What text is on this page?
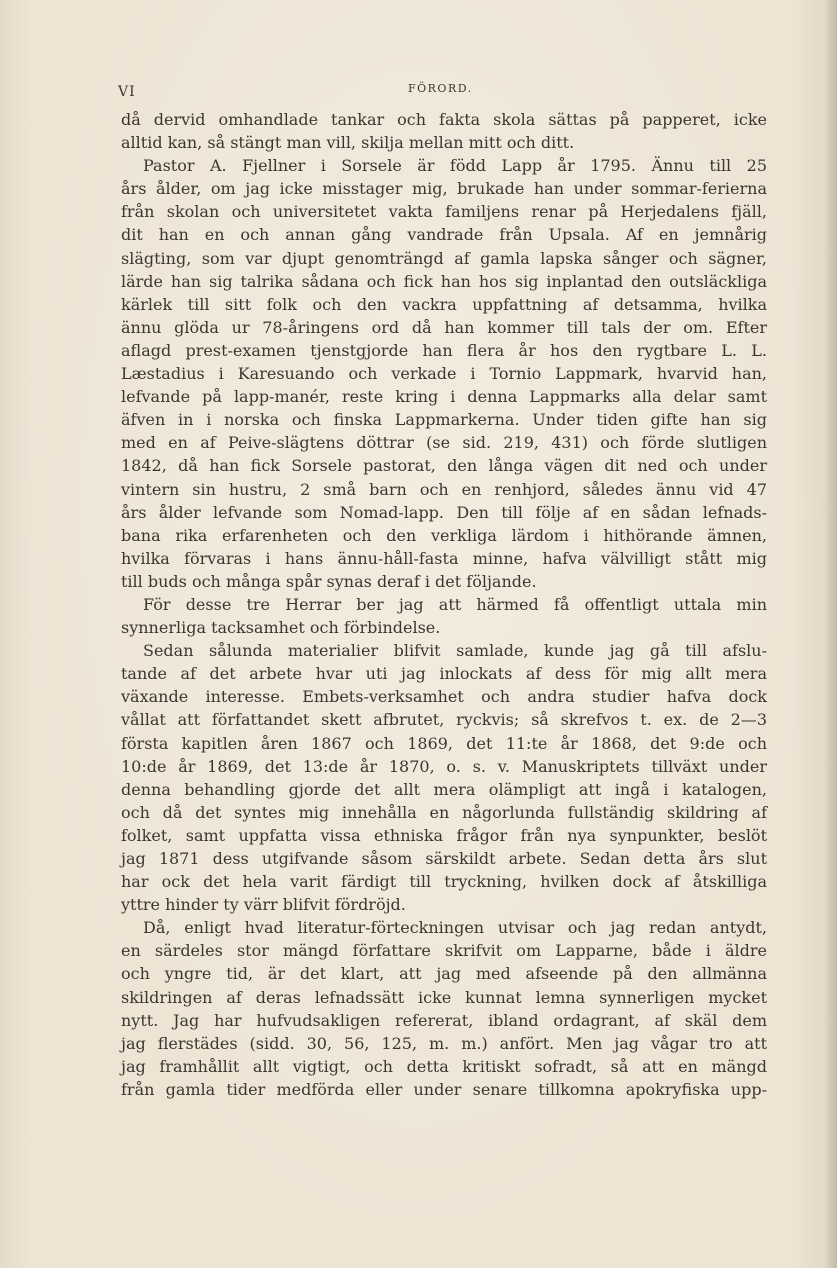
VI	FÖRORD.
då dervid omhandlade tankar och fakta skola sättas på papperet, icke
alltid kan, så stängt man vill, skilja mellan mitt och ditt.
Pastor A. Fjellner i Sorsele är född Lapp år 1795. Ännu till 25
års ålder, om jag icke misstager mig, brukade han under sommar-ferierna
från skolan och universitetet vakta familjens renar på Herjedalens fjäll,
dit han en och annan gång vandrade från Upsala. Af en jemnårig
slägting, som var djupt genomträngd af gamla lapska sånger och sägner,
lärde han sig talrika sådana och fick han hos sig inplantad den outsläckliga
kärlek till sitt folk och den vackra uppfattning af detsamma, hvilka
ännu glöda ur 78-åringens ord då han kommer till tals der om. Efter
aflagd prest-examen tjenstgjorde han flera år hos den rygtbare L. L.
Læstadius i Karesuando och verkade i Tornio Lappmark, hvarvid han,
lefvande på lapp-manér, reste kring i denna Lappmarks alla delar samt
äfven in i norska och finska Lappmarkerna. Under tiden gifte han sig
med en af Peive-slägtens döttrar (se sid. 219, 431) och förde slutligen
1842, då han fick Sorsele pastorat, den långa vägen dit ned och under
vintern sin hustru, 2 små barn och en renhjord, således ännu vid 47
års ålder lefvande som Nomad-lapp. Den till följe af en sådan lefnads-
bana rika erfarenheten och den verkliga lärdom i hithörande ämnen,
hvilka förvaras i hans ännu-håll-fasta minne, hafva välvilligt stått mig
till buds och många spår synas deraf i det följande.
För desse tre Herrar ber jag att härmed få offentligt uttala min
synnerliga tacksamhet och förbindelse.
Sedan sålunda materialier blifvit samlade, kunde jag gå till afslu-
tande af det arbete hvar uti jag inlockats af dess för mig allt mera
växande interesse. Embets-verksamhet och andra studier hafva dock
vållat att författandet skett afbrutet, ryckvis; så skrefvos t. ex. de 2—3
första kapitlen åren 1867 och 1869, det 11:te år 1868, det 9:de och
10:de år 1869, det 13:de år 1870, o. s. v. Manuskriptets tillväxt under
denna behandling gjorde det allt mera olämpligt att ingå i katalogen,
och då det syntes mig innehålla en någorlunda fullständig skildring af
folket, samt uppfatta vissa ethniska frågor från nya synpunkter, beslöt
jag 1871 dess utgifvande såsom särskildt arbete. Sedan detta års slut
har ock det hela varit färdigt till tryckning, hvilken dock af åtskilliga
yttre hinder ty värr blifvit fördröjd.
Då, enligt hvad literatur-förteckningen utvisar och jag redan antydt,
en särdeles stor mängd författare skrifvit om Lapparne, både i äldre
och yngre tid, är det klart, att jag med afseende på den allmänna
skildringen af deras lefnadssätt icke kunnat lemna synnerligen mycket
nytt. Jag har hufvudsakligen refererat, ibland ordagrant, af skäl dem
jag flerstädes (sidd. 30, 56, 125, m. m.) anfört. Men jag vågar tro att
jag framhållit allt vigtigt, och detta kritiskt sofradt, så att en mängd
från gamla tider medförda eller under senare tillkomna apokryfiska upp-
